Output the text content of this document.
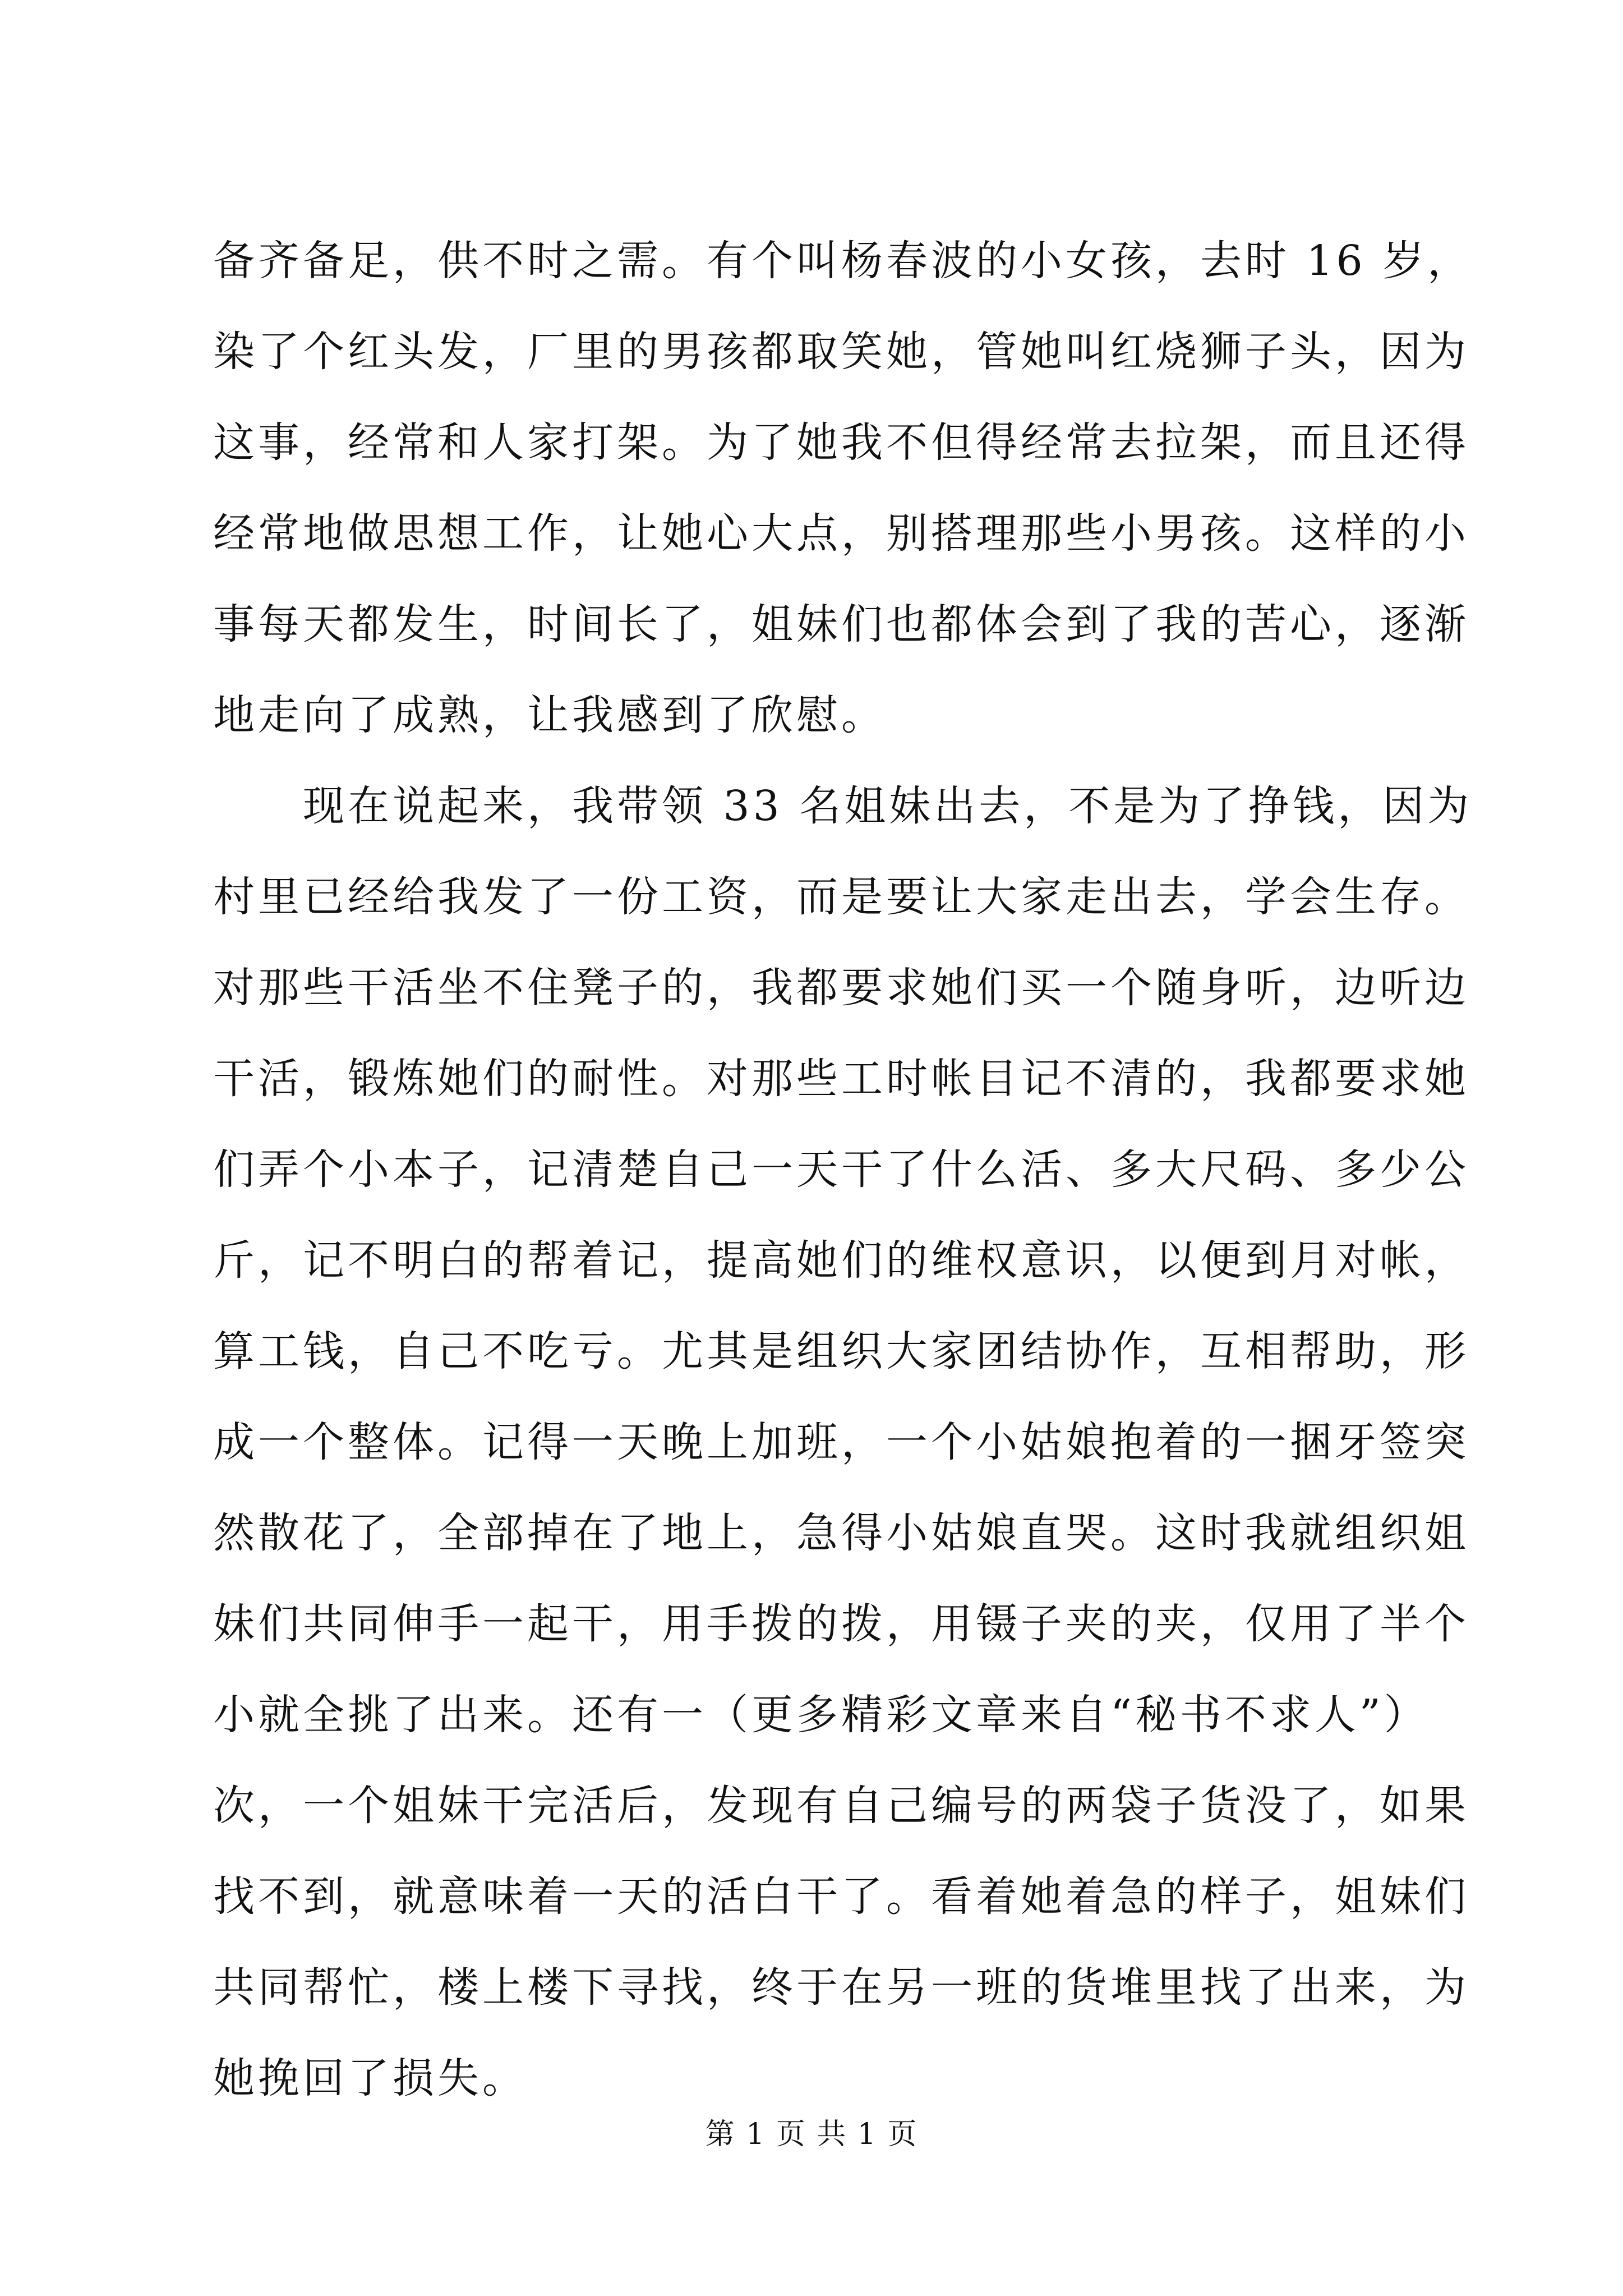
备齐备足，供不时之需。有个叫杨春波的小女孩，去时 16 岁，
染了个红头发，厂里的男孩都取笑她，管她叫红烧狮子头，因为
这事，经常和人家打架。为了她我不但得经常去拉架，而且还得
经常地做思想工作，让她心大点，别搭理那些小男孩。这样的小
事每天都发生，时间长了，姐妹们也都体会到了我的苦心，逐渐
地走向了成熟，让我感到了欣慰。
现在说起来，我带领 33 名姐妹出去，不是为了挣钱，因为
村里已经给我发了一份工资，而是要让大家走出去，学会生存。
对那些干活坐不住凳子的，我都要求她们买一个随身听，边听边
干活，锻炼她们的耐性。对那些工时帐目记不清的，我都要求她
们弄个小本子，记清楚自己一天干了什么活、多大尺码、多少公
斤，记不明白的帮着记，提高她们的维权意识，以便到月对帐，
算工钱，自己不吃亏。尤其是组织大家团结协作，互相帮助，形
成一个整体。记得一天晚上加班，一个小姑娘抱着的一捆牙签突
然散花了，全部掉在了地上，急得小姑娘直哭。这时我就组织姐
妹们共同伸手一起干，用手拨的拨，用镊子夹的夹，仅用了半个
小就全挑了出来。还有一（更多精彩文章来自“秘书不求人”）
次，一个姐妹干完活后，发现有自己编号的两袋子货没了，如果
找不到，就意味着一天的活白干了。看着她着急的样子，姐妹们
共同帮忙，楼上楼下寻找，终于在另一班的货堆里找了出来，为
她挽回了损失。
第 1 页 共 1 页
